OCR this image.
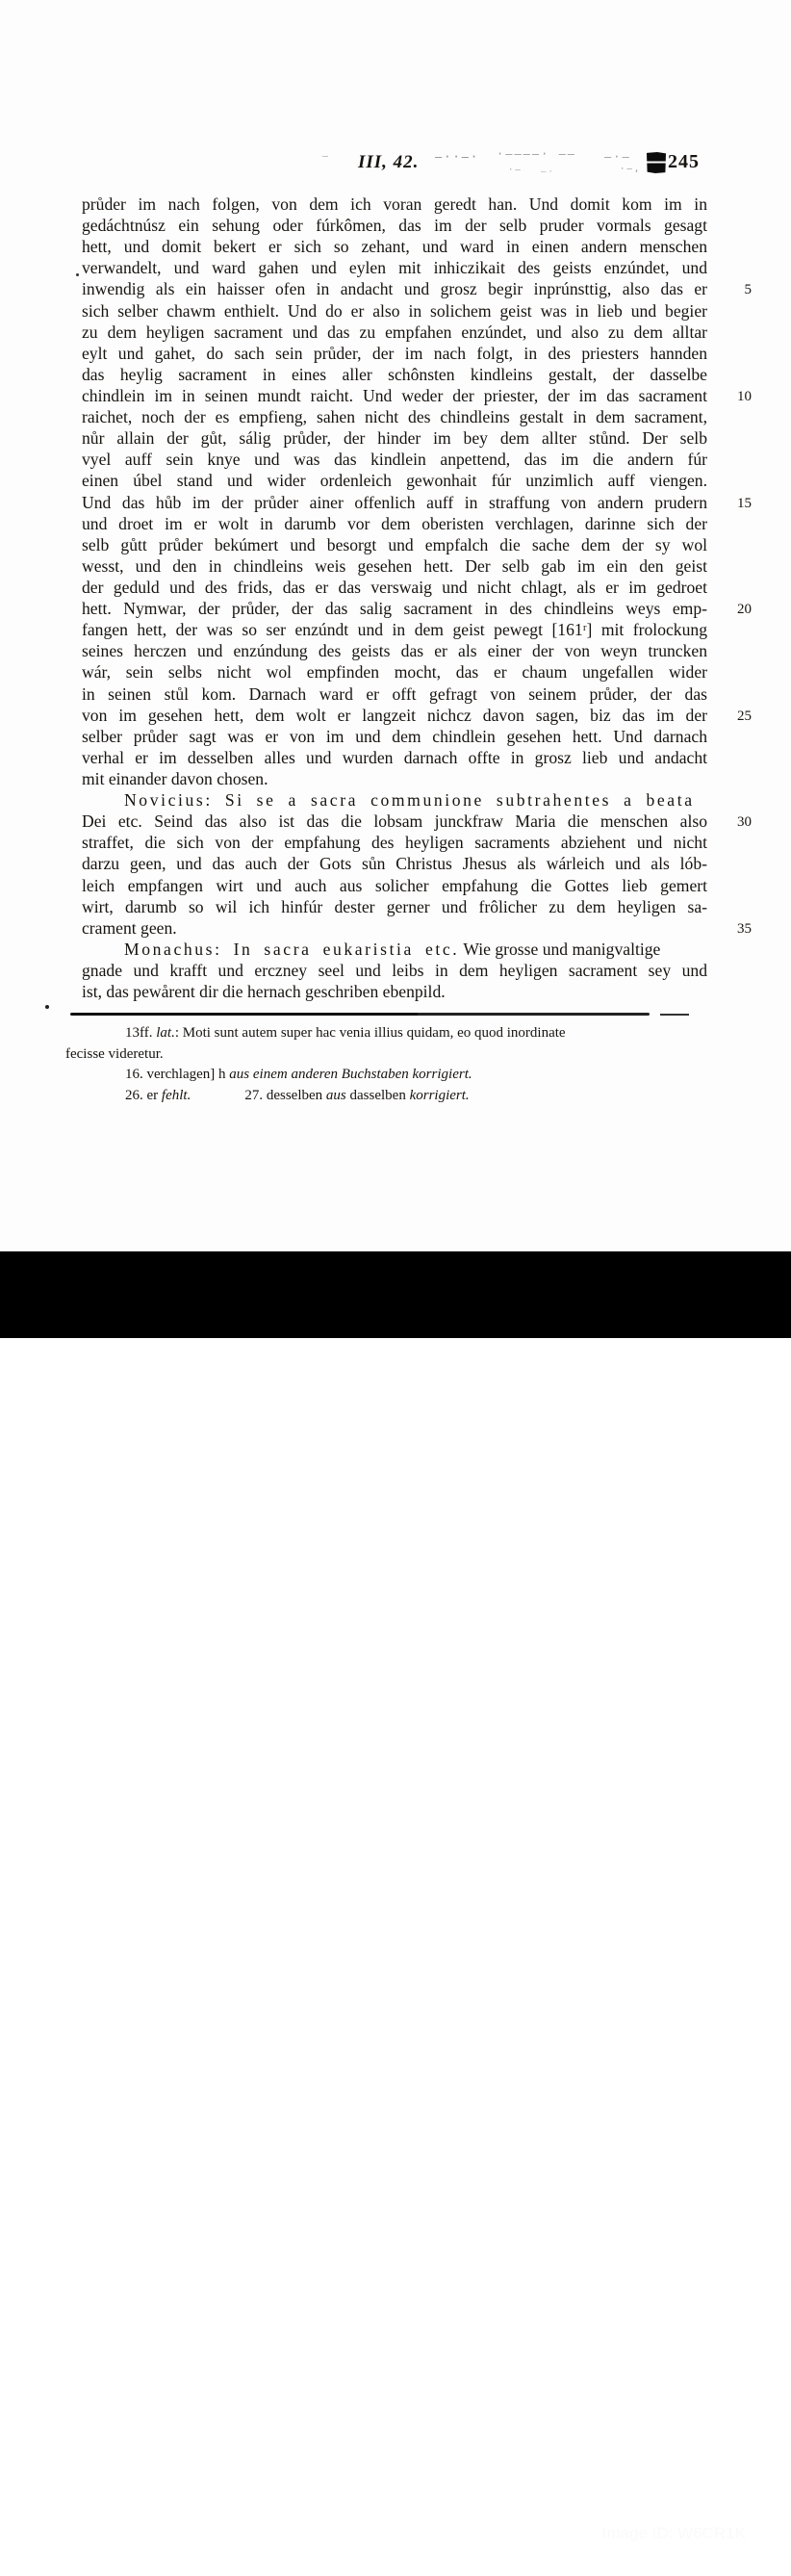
– III, 42. –··–· ·––––· –– –·–
·– –·	·–, 245
průder im nach folgen, von dem ich voran geredt han. Und domit kom im in
gedáchtnúsz ein sehung oder fúrkômen, das im der selb pruder vormals gesagt
hett, und domit bekert er sich so zehant, und ward in einen andern menschen
verwandelt, und ward gahen und eylen mit inhiczikait des geists enzúndet, und
inwendig als ein haisser ofen in andacht und grosz begir inprúnsttig, also das er	5
sich selber chawm enthielt. Und do er also in solichem geist was in lieb und begier
zu dem heyligen sacrament und das zu empfahen enzúndet, und also zu dem alltar
eylt und gahet, do sach sein průder, der im nach folgt, in des priesters hannden
das heylig sacrament in eines aller schônsten kindleins gestalt, der dasselbe
chindlein im in seinen mundt raicht. Und weder der priester, der im das sacrament 10
raichet, noch der es empfieng, sahen nicht des chindleins gestalt in dem sacrament,
nůr allain der gůt, sálig průder, der hinder im bey dem allter stůnd. Der selb
vyel auff sein knye und was das kindlein anpettend, das im die andern fúr
einen úbel stand und wider ordenleich gewonhait fúr unzimlich auff viengen.
Und das hůb im der průder ainer offenlich auff in straffung von andern prudern 15
und droet im er wolt in darumb vor dem oberisten verchlagen, darinne sich der
selb gůtt průder bekúmert und besorgt und empfalch die sache dem der sy wol
wesst, und den in chindleins weis gesehen hett. Der selb gab im ein den geist
der geduld und des frids, das er das verswaig und nicht chlagt, als er im gedroet
hett. Nymwar, der průder, der das salig sacrament in des chindleins weys emp- 20
fangen hett, der was so ser enzúndt und in dem geist pewegt [161ʳ] mit frolockung
seines herczen und enzúndung des geists das er als einer der von weyn truncken
wár, sein selbs nicht wol empfinden mocht, das er chaum ungefallen wider
in seinen stůl kom. Darnach ward er offt gefragt von seinem průder, der das
von im gesehen hett, dem wolt er langzeit nichcz davon sagen, biz das im der 25
selber průder sagt was er von im und dem chindlein gesehen hett. Und darnach
verhal er im desselben alles und wurden darnach offte in grosz lieb und andacht
mit einander davon chosen.
Novicius: Si se a sacra communione subtrahentes a beata
Dei etc. Seind das also ist das die lobsam junckfraw Maria die menschen also 30
straffet, die sich von der empfahung des heyligen sacraments abziehent und nicht
darzu geen, und das auch der Gots sůn Christus Jhesus als wárleich und als lób-
leich empfangen wirt und auch aus solicher empfahung die Gottes lieb gemert
wirt, darumb so wil ich hinfúr dester gerner und frôlicher zu dem heyligen sa-
crament geen.	35
Monachus: In sacra eukaristia etc. Wie grosse und manigvaltige
gnade und krafft und erczney seel und leibs in dem heyligen sacrament sey und
ist, das pewårent dir die hernach geschriben ebenpild.
13ff. lat.: Moti sunt autem super hac venia illius quidam, eo quod inordinate
fecisse videretur.
16. verchlagen] h aus einem anderen Buchstaben korrigiert.
26. er fehlt.	27. desselben aus dasselben korrigiert.
alamy	Image ID: W6CR1K
www.alamy.com
